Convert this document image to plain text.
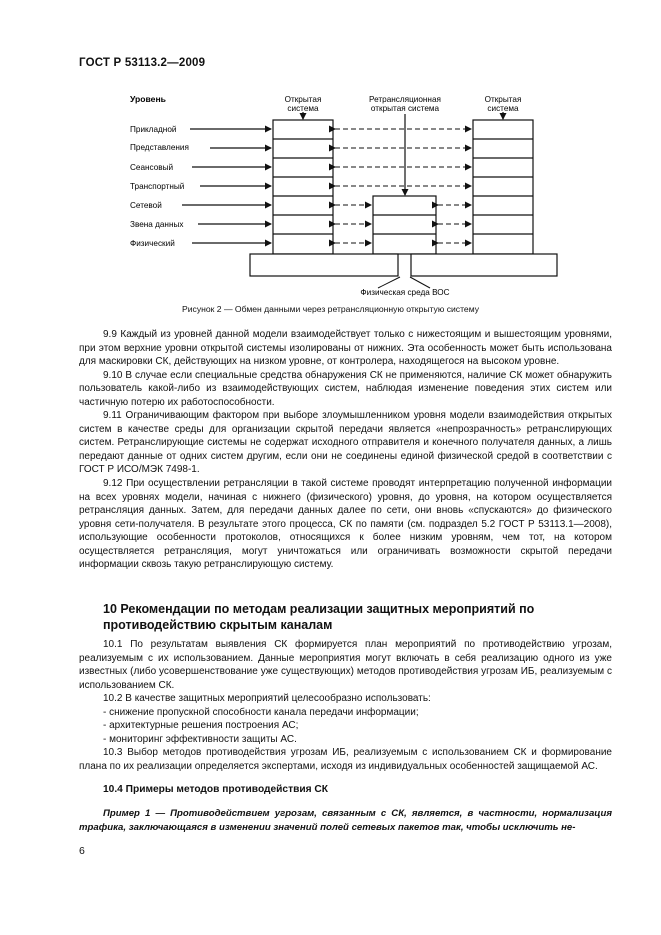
ГОСТ Р 53113.2—2009
Уровень	Открытая
система
Ретрансляционная
открытая система
Открытая
система
Прикладной
Представления
Сеансовый
Транспортный
Сетевой
Звена данных
Физический
Физическая среда ВОС
Рисунок 2 — Обмен данными через ретрансляционную открытую систему

9.9 Каждый из уровней данной модели взаимодействует только с нижестоящим и вышестоящим уровнями, при этом верхние уровни открытой системы изолированы от нижних. Эта особенность может быть использована для маскировки СК, действующих на низком уровне, от контролера, находящегося на высоком уровне.

9.10 В случае если специальные средства обнаружения СК не применяются, наличие СК может обнаружить пользователь какой-либо из взаимодействующих систем, наблюдая изменение поведения этих систем или частичную потерю их работоспособности.

9.11 Ограничивающим фактором при выборе злоумышленником уровня модели взаимодействия открытых систем в качестве среды для организации скрытой передачи является «непрозрачность» ретранслирующих систем. Ретранслирующие системы не содержат исходного отправителя и конечного получателя данных, а лишь передают данные от одних систем другим, если они не соединены единой физической средой в соответствии с ГОСТ Р ИСО/МЭК 7498-1.

9.12 При осуществлении ретрансляции в такой системе проводят интерпретацию полученной информации на всех уровнях модели, начиная с нижнего (физического) уровня, до уровня, на котором осуществляется ретрансляция данных. Затем, для передачи данных далее по сети, они вновь «спускаются» до физического уровня сети-получателя. В результате этого процесса, СК по памяти (см. подраздел 5.2 ГОСТ Р 53113.1—2008), использующие особенности протоколов, относящихся к более низким уровням, чем тот, на котором осуществляется ретрансляция, могут уничтожаться или ограничивать возможности скрытой передачи информации сквозь такую ретранслирующую систему.

10 Рекомендации по методам реализации защитных мероприятий по противодействию скрытым каналам

10.1 По результатам выявления СК формируется план мероприятий по противодействию угрозам, реализуемым с их использованием. Данные мероприятия могут включать в себя реализацию одного из уже известных (либо усовершенствование уже существующих) методов противодействия угрозам ИБ, реализуемым с использованием СК.

10.2 В качестве защитных мероприятий целесообразно использовать:

- снижение пропускной способности канала передачи информации;

- архитектурные решения построения АС;

- мониторинг эффективности защиты АС.

10.3 Выбор методов противодействия угрозам ИБ, реализуемым с использованием СК и формирование плана по их реализации определяется экспертами, исходя из индивидуальных особенностей защищаемой АС.

10.4 Примеры методов противодействия СК

Пример 1 — Противодействием угрозам, связанным с СК, является, в частности, нормализация трафика, заключающаяся в изменении значений полей сетевых пакетов так, чтобы исключить не-

6
